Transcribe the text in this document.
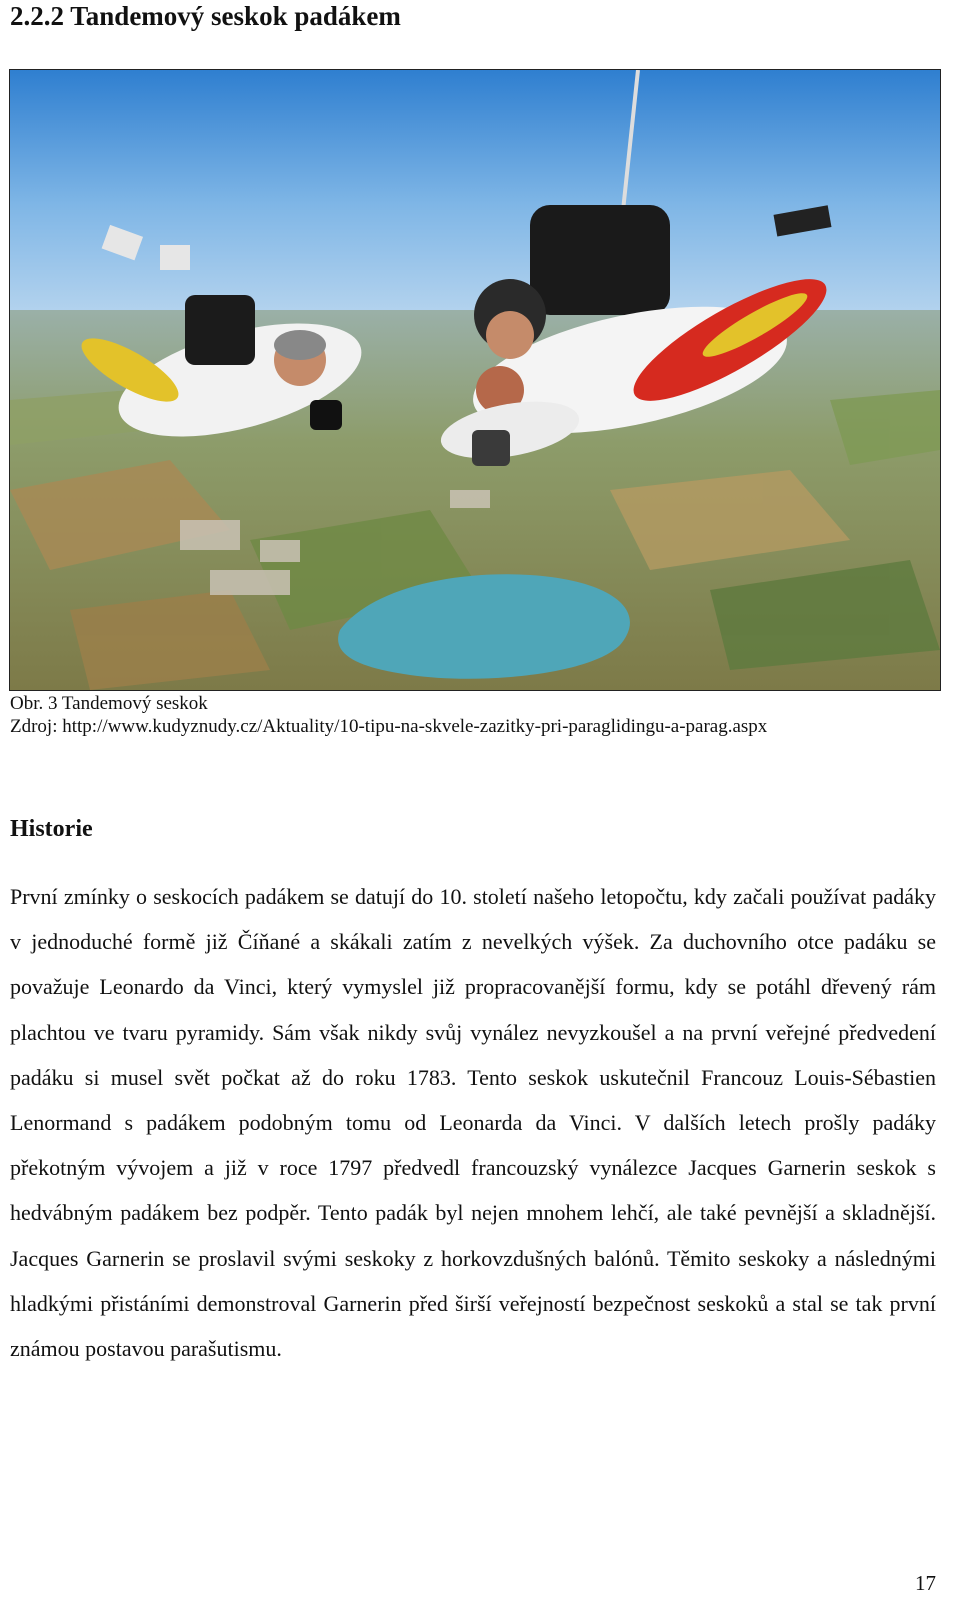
2.2.2 Tandemový seskok padákem
Obr. 3 Tandemový seskok
Zdroj: http://www.kudyznudy.cz/Aktuality/10-tipu-na-skvele-zazitky-pri-paraglidingu-a-parag.aspx
Historie

První zmínky o seskocích padákem se datují do 10. století našeho letopočtu, kdy začali používat padáky v jednoduché formě již Číňané a skákali zatím z nevelkých výšek. Za duchovního otce padáku se považuje Leonardo da Vinci, který vymyslel již propracovanější formu, kdy se potáhl dřevený rám plachtou ve tvaru pyramidy. Sám však nikdy svůj vynález nevyzkoušel a na první veřejné předvedení padáku si musel svět počkat až do roku 1783. Tento seskok uskutečnil Francouz Louis-Sébastien Lenormand s padákem podobným tomu od Leonarda da Vinci. V dalších letech prošly padáky překotným vývojem a již v roce 1797 předvedl francouzský vynálezce Jacques Garnerin seskok s hedvábným padákem bez podpěr. Tento padák byl nejen mnohem lehčí, ale také pevnější a skladnější. Jacques Garnerin se proslavil svými seskoky z horkovzdušných balónů. Těmito seskoky a následnými hladkými přistáními demonstroval Garnerin před širší veřejností bezpečnost seskoků a stal se tak první známou postavou parašutismu.

17
